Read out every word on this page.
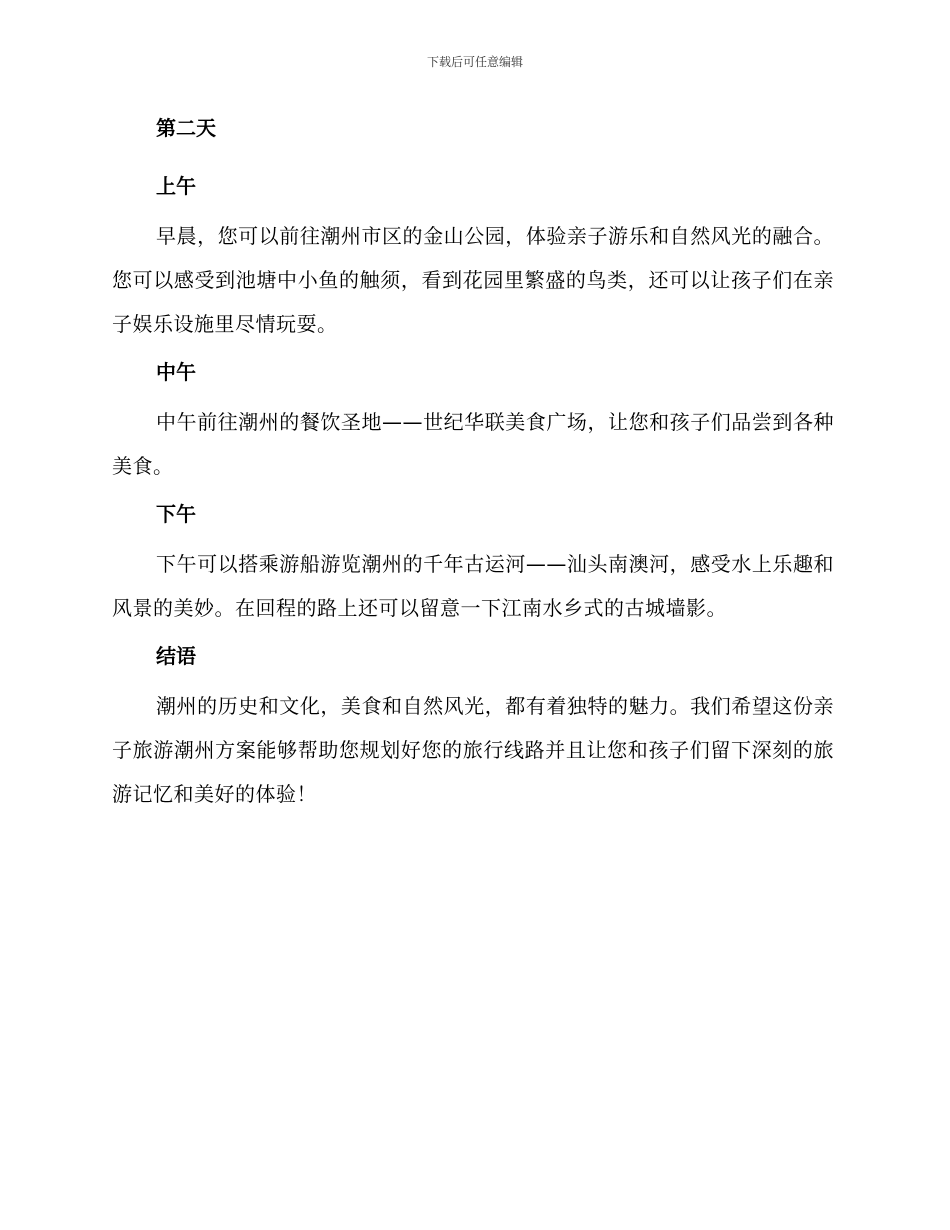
下载后可任意编辑
第二天
上午

早晨，您可以前往潮州市区的金山公园，体验亲子游乐和自然风光的融合。您可以感受到池塘中小鱼的触须，看到花园里繁盛的鸟类，还可以让孩子们在亲子娱乐设施里尽情玩耍。

中午

中午前往潮州的餐饮圣地——世纪华联美食广场，让您和孩子们品尝到各种美食。

下午

下午可以搭乘游船游览潮州的千年古运河——汕头南澳河，感受水上乐趣和风景的美妙。在回程的路上还可以留意一下江南水乡式的古城墙影。

结语

潮州的历史和文化，美食和自然风光，都有着独特的魅力。我们希望这份亲子旅游潮州方案能够帮助您规划好您的旅行线路并且让您和孩子们留下深刻的旅游记忆和美好的体验！
